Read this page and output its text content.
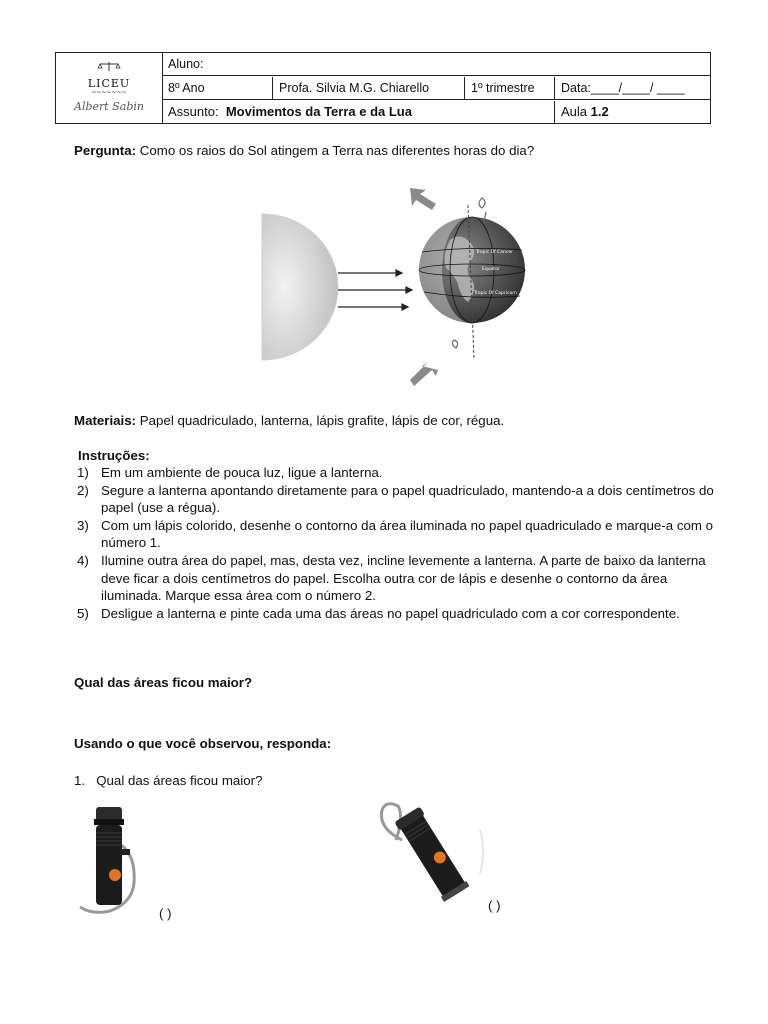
LICEU
~~~~~~~
Albert Sabin
Aluno:
8º Ano	Profa. Silvia M.G. Chiarello	1º trimestre	Data:____/____/ ____
Assunto: Movimentos da Terra e da Lua	Aula 1.2
Pergunta: Como os raios do Sol atingem a Terra nas diferentes horas do dia?
Tropic Of Cancer
Equator
Tropic Of Capricorn
Materiais: Papel quadriculado, lanterna, lápis grafite, lápis de cor, régua.
Instruções:
1) Em um ambiente de pouca luz, ligue a lanterna.
2) Segure a lanterna apontando diretamente para o papel quadriculado, mantendo-a a dois centímetros do papel (use a régua).
3) Com um lápis colorido, desenhe o contorno da área iluminada no papel quadriculado e marque-a com o número 1.
4) Ilumine outra área do papel, mas, desta vez, incline levemente a lanterna. A parte de baixo da lanterna deve ficar a dois centímetros do papel. Escolha outra cor de lápis e desenhe o contorno da área iluminada. Marque essa área com o número 2.
5) Desligue a lanterna e pinte cada uma das áreas no papel quadriculado com a cor correspondente.
Qual das áreas ficou maior?
Usando o que você observou, responda:
1. Qual das áreas ficou maior?
( )
( )
